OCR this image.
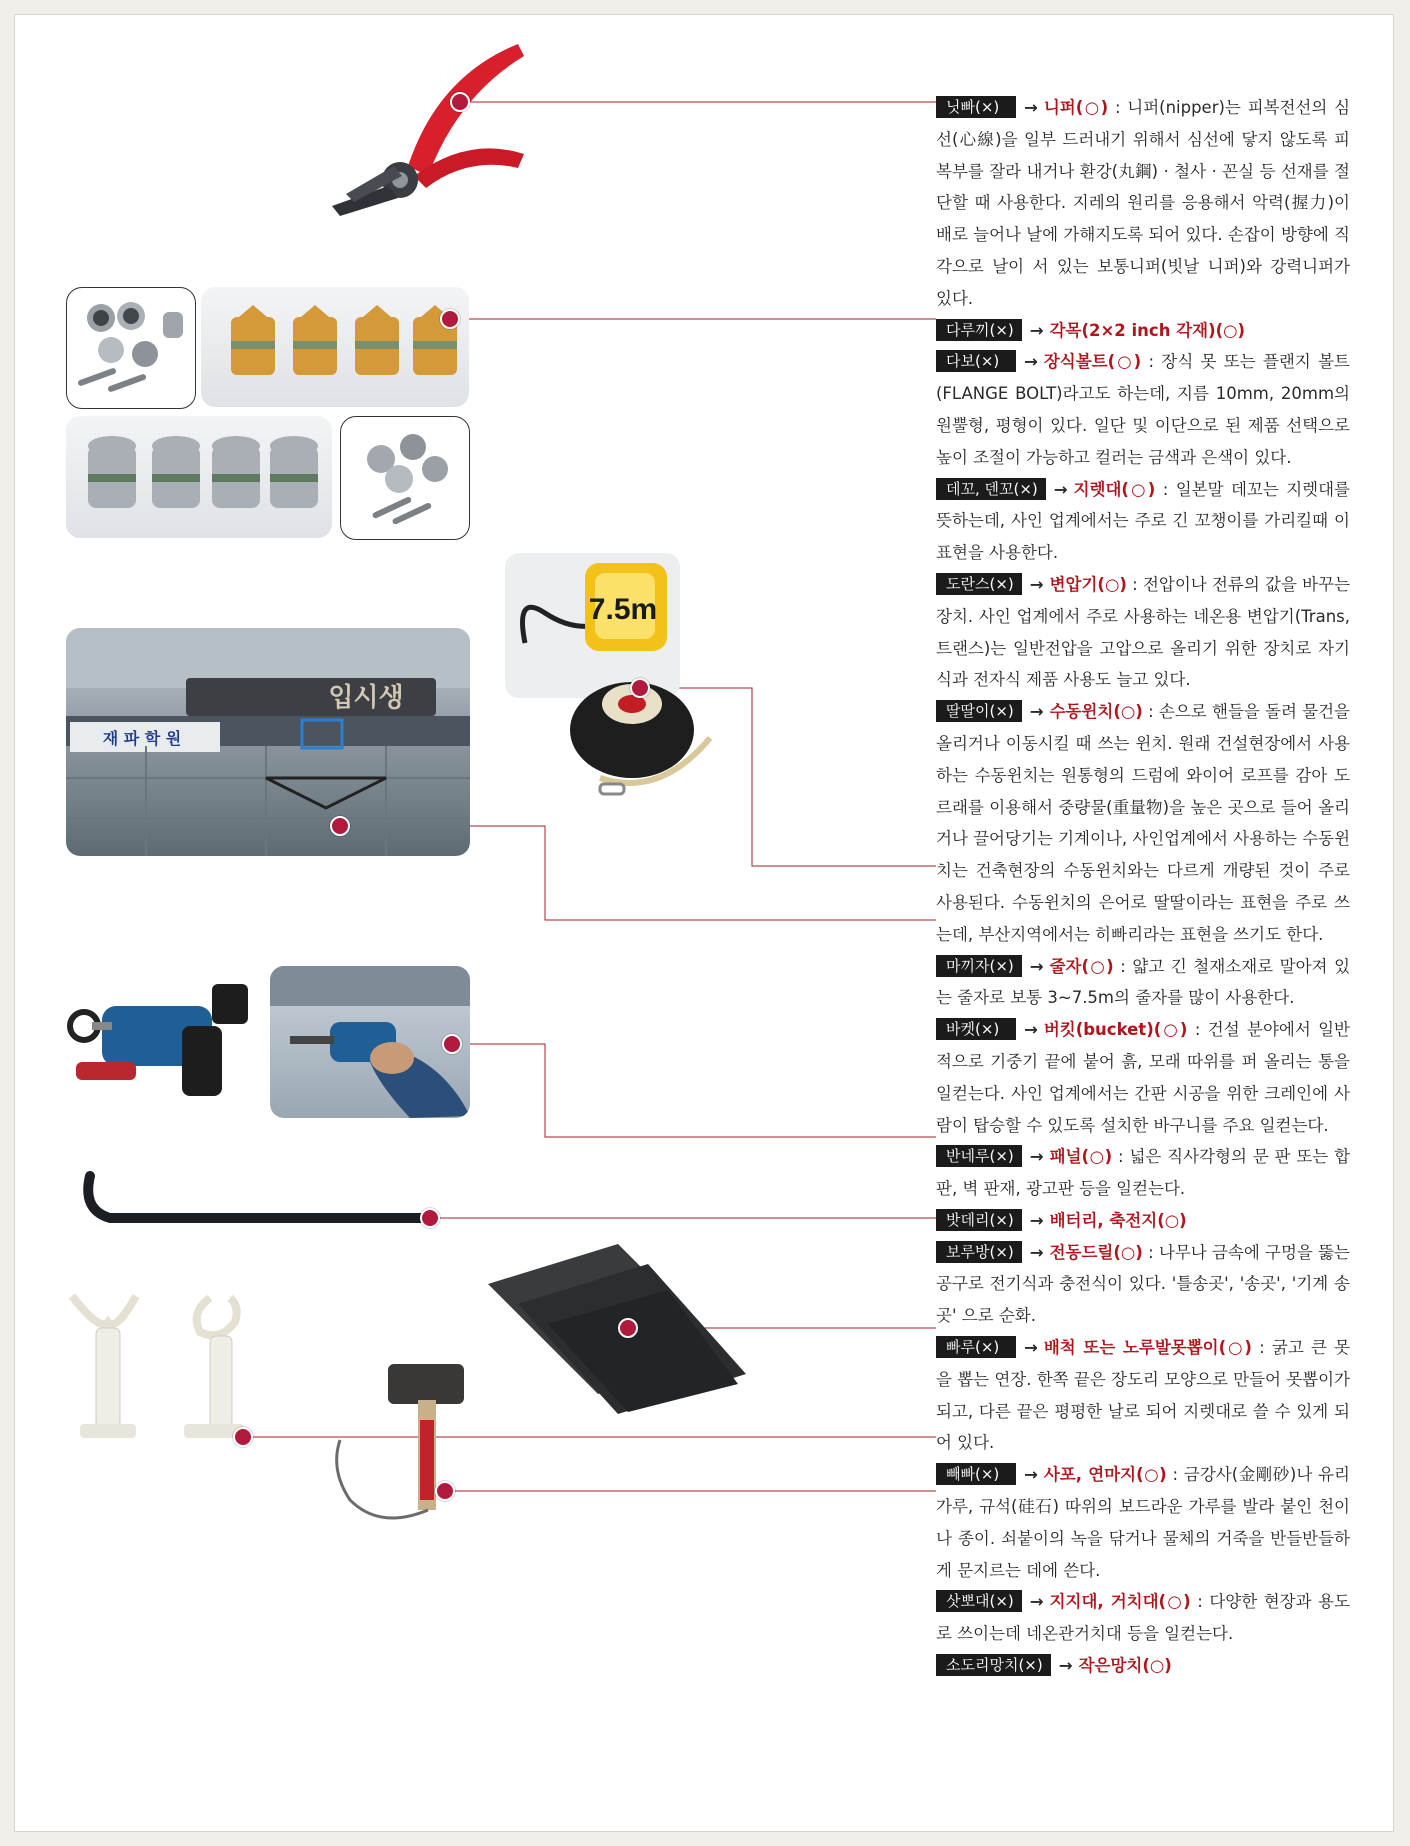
7.5m
입시생
재 파 학 원

닛빠(×) → 니퍼(○) : 니퍼(nipper)는 피복전선의 심선(心線)을 일부 드러내기 위해서 심선에 닿지 않도록 피복부를 잘라 내거나 환강(丸鋼) · 철사 · 꼰실 등 선재를 절단할 때 사용한다. 지레의 원리를 응용해서 악력(握力)이 배로 늘어나 날에 가해지도록 되어 있다. 손잡이 방향에 직각으로 날이 서 있는 보통니퍼(빗날 니퍼)와 강력니퍼가 있다.

다루끼(×) → 각목(2×2 inch 각재)(○)

다보(×) → 장식볼트(○) : 장식 못 또는 플랜지 볼트(FLANGE BOLT)라고도 하는데, 지름 10mm, 20mm의 원뿔형, 평형이 있다. 일단 및 이단으로 된 제품 선택으로 높이 조절이 가능하고 컬러는 금색과 은색이 있다.

데꼬, 덴꼬(×) → 지렛대(○) : 일본말 데꼬는 지렛대를 뜻하는데, 사인 업계에서는 주로 긴 꼬챙이를 가리킬때 이 표현을 사용한다.

도란스(×) → 변압기(○) : 전압이나 전류의 값을 바꾸는 장치. 사인 업계에서 주로 사용하는 네온용 변압기(Trans, 트랜스)는 일반전압을 고압으로 올리기 위한 장치로 자기식과 전자식 제품 사용도 늘고 있다.

딸딸이(×) → 수동윈치(○) : 손으로 핸들을 돌려 물건을 올리거나 이동시킬 때 쓰는 윈치. 원래 건설현장에서 사용하는 수동윈치는 원통형의 드럼에 와이어 로프를 감아 도르래를 이용해서 중량물(重量物)을 높은 곳으로 들어 올리거나 끌어당기는 기계이나, 사인업계에서 사용하는 수동윈치는 건축현장의 수동윈치와는 다르게 개량된 것이 주로 사용된다. 수동윈치의 은어로 딸딸이라는 표현을 주로 쓰는데, 부산지역에서는 히빠리라는 표현을 쓰기도 한다.

마끼자(×) → 줄자(○) : 얇고 긴 철재소재로 말아져 있는 줄자로 보통 3~7.5m의 줄자를 많이 사용한다.

바켓(×) → 버킷(bucket)(○) : 건설 분야에서 일반적으로 기중기 끝에 붙어 흙, 모래 따위를 퍼 올리는 통을 일컫는다. 사인 업계에서는 간판 시공을 위한 크레인에 사람이 탑승할 수 있도록 설치한 바구니를 주요 일컫는다.

반네루(×) → 패널(○) : 넓은 직사각형의 문 판 또는 합판, 벽 판재, 광고판 등을 일컫는다.

밧데리(×) → 배터리, 축전지(○)

보루방(×) → 전동드릴(○) : 나무나 금속에 구멍을 뚫는 공구로 전기식과 충전식이 있다. '틀송곳', '송곳', '기계 송곳' 으로 순화.

빠루(×) → 배척 또는 노루발못뽑이(○) : 굵고 큰 못을 뽑는 연장. 한쪽 끝은 장도리 모양으로 만들어 못뽑이가 되고, 다른 끝은 평평한 날로 되어 지렛대로 쓸 수 있게 되어 있다.

빼빠(×) → 사포, 연마지(○) : 금강사(金剛砂)나 유리 가루, 규석(硅石) 따위의 보드라운 가루를 발라 붙인 천이나 종이. 쇠붙이의 녹을 닦거나 물체의 거죽을 반들반들하게 문지르는 데에 쓴다.

삿뽀대(×) → 지지대, 거치대(○) : 다양한 현장과 용도로 쓰이는데 네온관거치대 등을 일컫는다.

소도리망치(×) → 작은망치(○)
